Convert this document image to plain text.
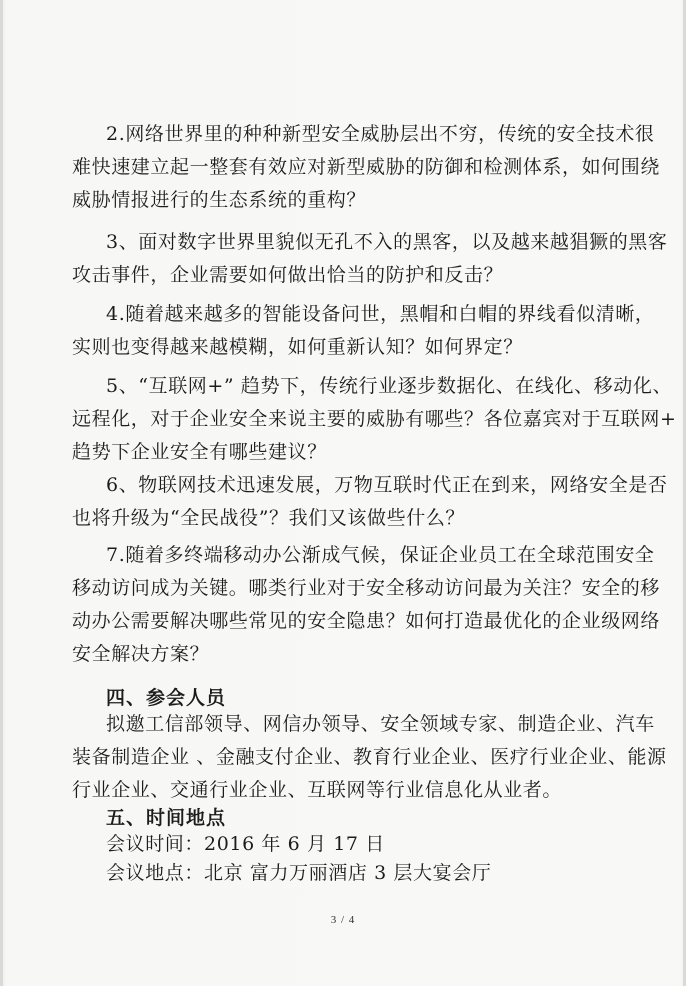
2.网络世界里的种种新型安全威胁层出不穷，传统的安全技术很
难快速建立起一整套有效应对新型威胁的防御和检测体系，如何围绕
威胁情报进行的生态系统的重构？
3、面对数字世界里貌似无孔不入的黑客，以及越来越猖獗的黑客
攻击事件，企业需要如何做出恰当的防护和反击？
4.随着越来越多的智能设备问世，黑帽和白帽的界线看似清晰，
实则也变得越来越模糊，如何重新认知？如何界定？
5、“互联网+” 趋势下，传统行业逐步数据化、在线化、移动化、
远程化，对于企业安全来说主要的威胁有哪些？各位嘉宾对于互联网+
趋势下企业安全有哪些建议？
6、物联网技术迅速发展，万物互联时代正在到来，网络安全是否
也将升级为“全民战役”？我们又该做些什么？
7.随着多终端移动办公渐成气候，保证企业员工在全球范围安全
移动访问成为关键。哪类行业对于安全移动访问最为关注？安全的移
动办公需要解决哪些常见的安全隐患？如何打造最优化的企业级网络
安全解决方案？
四、参会人员
拟邀工信部领导、网信办领导、安全领域专家、制造企业、汽车
装备制造企业 、金融支付企业、教育行业企业、医疗行业企业、能源
行业企业、交通行业企业、互联网等行业信息化从业者。
五、时间地点
会议时间：2016 年 6 月 17 日
会议地点：北京 富力万丽酒店 3 层大宴会厅
3 / 4
